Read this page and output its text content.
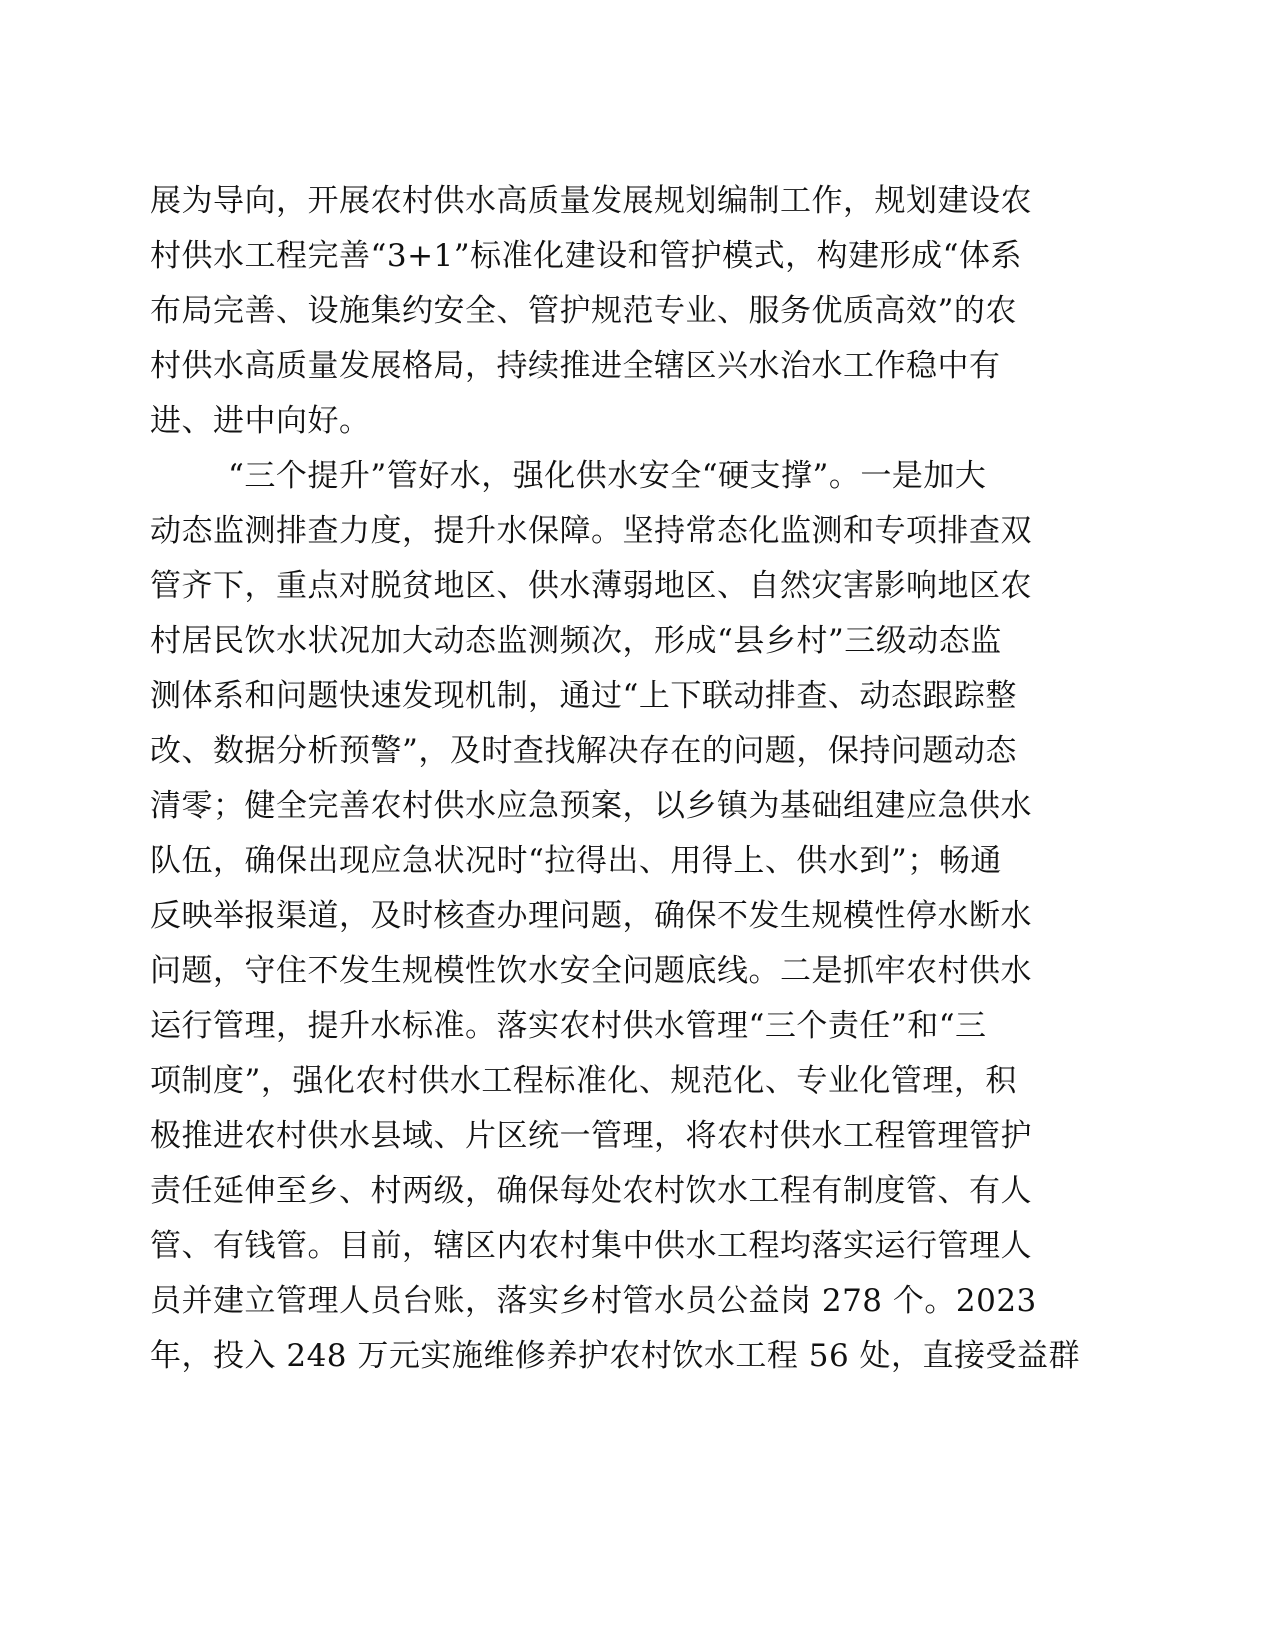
展为导向，开展农村供水高质量发展规划编制工作，规划建设农
村供水工程完善“3+1”标准化建设和管护模式，构建形成“体系
布局完善、设施集约安全、管护规范专业、服务优质高效”的农
村供水高质量发展格局，持续推进全辖区兴水治水工作稳中有
进、进中向好。
“三个提升”管好水，强化供水安全“硬支撑”。一是加大
动态监测排查力度，提升水保障。坚持常态化监测和专项排查双
管齐下，重点对脱贫地区、供水薄弱地区、自然灾害影响地区农
村居民饮水状况加大动态监测频次，形成“县乡村”三级动态监
测体系和问题快速发现机制，通过“上下联动排查、动态跟踪整
改、数据分析预警”，及时查找解决存在的问题，保持问题动态
清零；健全完善农村供水应急预案，以乡镇为基础组建应急供水
队伍，确保出现应急状况时“拉得出、用得上、供水到”；畅通
反映举报渠道，及时核查办理问题，确保不发生规模性停水断水
问题，守住不发生规模性饮水安全问题底线。二是抓牢农村供水
运行管理，提升水标准。落实农村供水管理“三个责任”和“三
项制度”，强化农村供水工程标准化、规范化、专业化管理，积
极推进农村供水县域、片区统一管理，将农村供水工程管理管护
责任延伸至乡、村两级，确保每处农村饮水工程有制度管、有人
管、有钱管。目前，辖区内农村集中供水工程均落实运行管理人
员并建立管理人员台账，落实乡村管水员公益岗 278 个。2023
年，投入 248 万元实施维修养护农村饮水工程 56 处，直接受益群
